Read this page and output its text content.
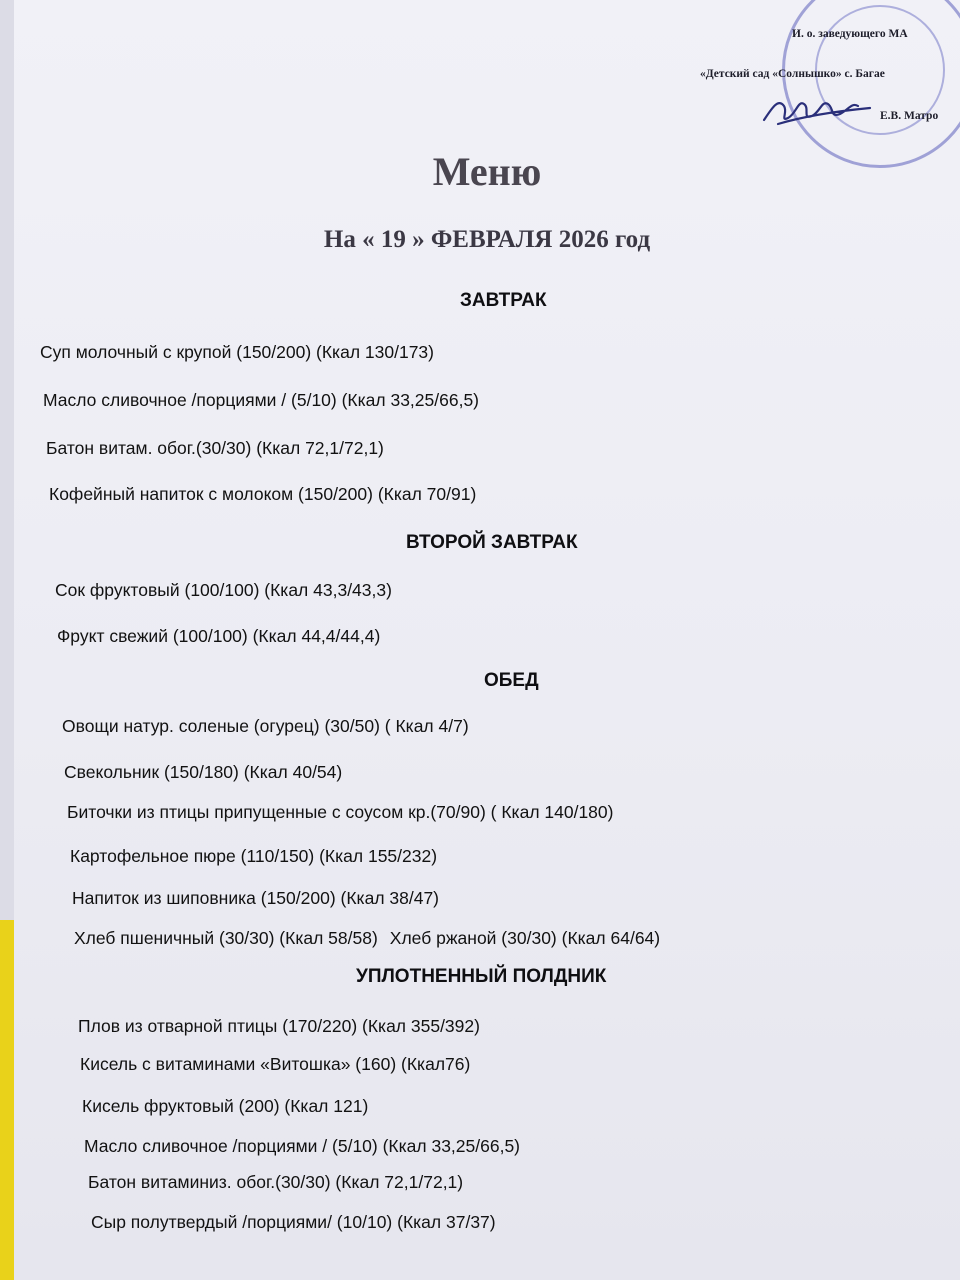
И. о. заведующего МА
«Детский сад «Солнышко» с. Багае
Е.В. Матро
Меню
На « 19 » ФЕВРАЛЯ 2026 год
ЗАВТРАК
Суп молочный с крупой (150/200) (Ккал 130/173)
Масло сливочное /порциями / (5/10) (Ккал 33,25/66,5)
Батон витам. обог.(30/30) (Ккал 72,1/72,1)
Кофейный напиток с молоком (150/200) (Ккал 70/91)
ВТОРОЙ ЗАВТРАК
Сок фруктовый (100/100) (Ккал 43,3/43,3)
Фрукт свежий (100/100) (Ккал 44,4/44,4)
ОБЕД
Овощи натур. соленые (огурец) (30/50) ( Ккал 4/7)
Свекольник (150/180) (Ккал 40/54)
Биточки из птицы припущенные с соусом кр.(70/90) ( Ккал 140/180)
Картофельное пюре (110/150) (Ккал 155/232)
Напиток из шиповника (150/200) (Ккал 38/47)
Хлеб пшеничный (30/30) (Ккал 58/58) Хлеб ржаной (30/30) (Ккал 64/64)
УПЛОТНЕННЫЙ ПОЛДНИК
Плов из отварной птицы (170/220) (Ккал 355/392)
Кисель с витаминами «Витошка» (160) (Ккал76)
Кисель фруктовый (200) (Ккал 121)
Масло сливочное /порциями / (5/10) (Ккал 33,25/66,5)
Батон витаминиз. обог.(30/30) (Ккал 72,1/72,1)
Сыр полутвердый /порциями/ (10/10) (Ккал 37/37)
